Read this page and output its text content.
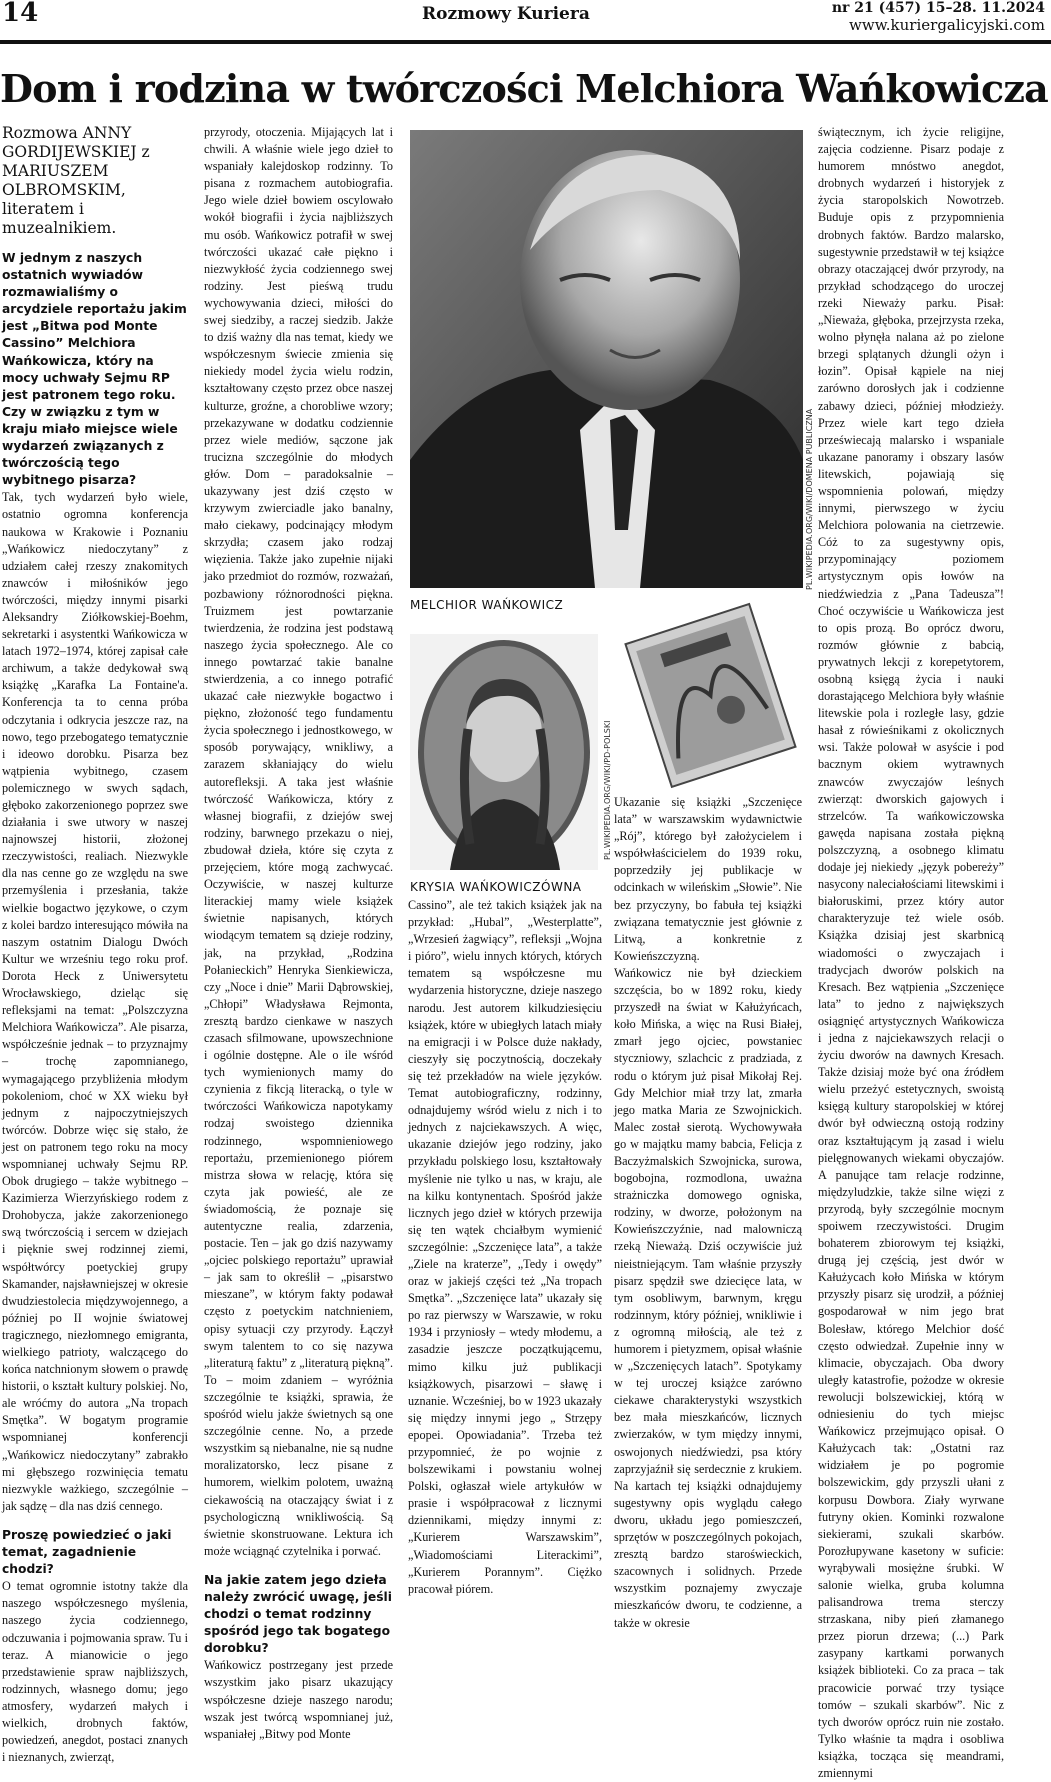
14	Rozmowy Kuriera	nr 21 (457) 15–28. 11.2024
www.kuriergalicyjski.com
Dom i rodzina w twórczości Melchiora Wańkowicza

Rozmowa ANNY GORDIJEWSKIEJ z MARIUSZEM OLBROMSKIM, literatem i muzealnikiem.

W jednym z naszych ostatnich wywiadów rozmawialiśmy o arcydziele reportażu jakim jest „Bitwa pod Monte Cassino” Melchiora Wańkowicza, który na mocy uchwały Sejmu RP jest patronem tego roku. Czy w związku z tym w kraju miało miejsce wiele wydarzeń związanych z twórczością tego wybitnego pisarza?

Tak, tych wydarzeń było wiele, ostatnio ogromna konferencja naukowa w Krakowie i Poznaniu „Wańkowicz niedoczytany” z udziałem całej rzeszy znakomitych znawców i miłośników jego twórczości, między innymi pisarki Aleksandry Ziółkowskiej-Boehm, sekretarki i asystentki Wańkowicza w latach 1972–1974, której zapisał całe archiwum, a także dedykował swą książkę „Karafka La Fontaine'a. Konferencja ta to cenna próba odczytania i odkrycia jeszcze raz, na nowo, tego przebogatego tematycznie i ideowo dorobku. Pisarza bez wątpienia wybitnego, czasem polemicznego w swych sądach, głęboko zakorzenionego poprzez swe działania i swe utwory w naszej najnowszej historii, złożonej rzeczywistości, realiach. Niezwykle dla nas cenne go ze względu na swe przemyślenia i przesłania, także wielkie bogactwo językowe, o czym z kolei bardzo interesująco mówiła na naszym ostatnim Dialogu Dwóch Kultur we wrześniu tego roku prof. Dorota Heck z Uniwersytetu Wrocławskiego, dzieląc się refleksjami na temat: „Polszczyzna Melchiora Wańkowicza”. Ale pisarza, współcześnie jednak – to przyznajmy – trochę zapomnianego, wymagającego przybliżenia młodym pokoleniom, choć w XX wieku był jednym z najpoczytniejszych twórców. Dobrze więc się stało, że jest on patronem tego roku na mocy wspomnianej uchwały Sejmu RP. Obok drugiego – także wybitnego – Kazimierza Wierzyńskiego rodem z Drohobycza, jakże zakorzenionego swą twórczością i sercem w dziejach i pięknie swej rodzinnej ziemi, współtwórcy poetyckiej grupy Skamander, najsławniejszej w okresie dwudziestolecia międzywojennego, a później po II wojnie światowej tragicznego, niezłomnego emigranta, wielkiego patrioty, walczącego do końca natchnionym słowem o prawdę historii, o kształt kultury polskiej. No, ale wróćmy do autora „Na tropach Smętka”. W bogatym programie wspomnianej konferencji „Wańkowicz niedoczytany” zabrakło mi głębszego rozwinięcia tematu niezwykle ważkiego, szczególnie – jak sądzę – dla nas dziś cennego.

Proszę powiedzieć o jaki temat, zagadnienie chodzi?

O temat ogromnie istotny także dla naszego współczesnego myślenia, naszego życia codziennego, odczuwania i pojmowania spraw. Tu i teraz. A mianowicie o jego przedstawienie spraw najbliższych, rodzinnych, własnego domu; jego atmosfery, wydarzeń małych i wielkich, drobnych faktów, powiedzeń, anegdot, postaci znanych i nieznanych, zwierząt,

przyrody, otoczenia. Mijających lat i chwili. A właśnie wiele jego dzieł to wspaniały kalejdoskop rodzinny. To pisana z rozmachem autobiografia. Jego wiele dzieł bowiem oscylowało wokół biografii i życia najbliższych mu osób. Wańkowicz potrafił w swej twórczości ukazać całe piękno i niezwykłość życia codziennego swej rodziny. Jest pieśwą trudu wychowywania dzieci, miłości do swej siedziby, a raczej siedzib. Jakże to dziś ważny dla nas temat, kiedy we współczesnym świecie zmienia się niekiedy model życia wielu rodzin, kształtowany często przez obce naszej kulturze, groźne, a chorobliwe wzory; przekazywane w dodatku codziennie przez wiele mediów, sączone jak trucizna szczególnie do młodych głów. Dom – paradoksalnie – ukazywany jest dziś często w krzywym zwierciadle jako banalny, mało ciekawy, podcinający młodym skrzydła; czasem jako rodzaj więzienia. Także jako zupełnie nijaki jako przedmiot do rozmów, rozważań, pozbawiony różnorodności piękna. Truizmem jest powtarzanie twierdzenia, że rodzina jest podstawą naszego życia społecznego. Ale co innego powtarzać takie banalne stwierdzenia, a co innego potrafić ukazać całe niezwykłe bogactwo i piękno, złożoność tego fundamentu życia społecznego i jednostkowego, w sposób porywający, wnikliwy, a zarazem skłaniający do wielu autorefleksji. A taka jest właśnie twórczość Wańkowicza, który z własnej biografii, z dziejów swej rodziny, barwnego przekazu o niej, zbudował dzieła, które się czyta z przejęciem, które mogą zachwycać. Oczywiście, w naszej kulturze literackiej mamy wiele książek świetnie napisanych, których wiodącym tematem są dzieje rodziny, jak, na przykład, „Rodzina Połanieckich” Henryka Sienkiewicza, czy „Noce i dnie” Marii Dąbrowskiej, „Chłopi” Władysława Rejmonta, zresztą bardzo cienkawe w naszych czasach sfilmowane, upowszechnione i ogólnie dostępne. Ale o ile wśród tych wymienionych mamy do czynienia z fikcją literacką, o tyle w twórczości Wańkowicza napotykamy rodzaj swoistego dziennika rodzinnego, wspomnieniowego reportażu, przemienionego piórem mistrza słowa w relację, która się czyta jak powieść, ale ze świadomością, że poznaje się autentyczne realia, zdarzenia, postacie. Ten – jak go dziś nazywamy „ojciec polskiego reportażu” uprawiał – jak sam to określił – „pisarstwo mieszane”, w którym fakty podawał często z poetyckim natchnieniem, opisy sytuacji czy przyrody. Łączył swym talentem to co się nazywa „literaturą faktu” z „literaturą piękną”. To – moim zdaniem – wyróżnia szczególnie te książki, sprawia, że spośród wielu jakże świetnych są one szczególnie cenne. No, a przede wszystkim są niebanalne, nie są nudne moralizatorsko, lecz pisane z humorem, wielkim polotem, uważną ciekawością na otaczający świat i z psychologiczną wnikliwością. Są świetnie skonstruowane. Lektura ich może wciągnąć czytelnika i porwać.

Na jakie zatem jego dzieła należy zwrócić uwagę, jeśli chodzi o temat rodzinny spośród jego tak bogatego dorobku?

Wańkowicz postrzegany jest przede wszystkim jako pisarz ukazujący współczesne dzieje naszego narodu; wszak jest twórcą wspomnianej już, wspaniałej „Bitwy pod Monte

MELCHIOR WAŃKOWICZ
PL.WIKIPEDIA.ORG/WIKI/DOMENA PUBLICZNA
KRYSIA WAŃKOWICZÓWNA
PL.WIKIPEDIA.ORG/WIKI/PD-POLSKI

Cassino”, ale też takich książek jak na przykład: „Hubal”, „Westerplatte”, „Wrzesień żagwiący”, refleksji „Wojna i pióro”, wielu innych których, których tematem są współczesne mu wydarzenia historyczne, dzieje naszego narodu. Jest autorem kilkudziesięciu książek, które w ubiegłych latach miały na emigracji i w Polsce duże nakłady, cieszyły się poczytnością, doczekały się też przekładów na wiele języków. Temat autobiograficzny, rodzinny, odnajdujemy wśród wielu z nich i to jednych z najciekawszych. A więc, ukazanie dziejów jego rodziny, jako przykładu polskiego losu, kształtowały myślenie nie tylko u nas, w kraju, ale na kilku kontynentach. Spośród jakże licznych jego dzieł w których przewija się ten wątek chciałbym wymienić szczególnie: „Szczenięce lata”, a także „Ziele na kraterze”, „Tedy i owędy” oraz w jakiejś części też „Na tropach Smętka”. „Szczenięce lata” ukazały się po raz pierwszy w Warszawie, w roku 1934 i przyniosły – wtedy młodemu, a zasadzie jeszcze początkującemu, mimo kilku już publikacji książkowych, pisarzowi – sławę i uznanie. Wcześniej, bo w 1923 ukazały się między innymi jego „ Strzępy epopei. Opowiadania”. Trzeba też przypomnieć, że po wojnie z bolszewikami i powstaniu wolnej Polski, ogłaszał wiele artykułów w prasie i współpracował z licznymi dziennikami, między innymi z: „Kurierem Warszawskim”, „Wiadomościami Literackimi”, „Kurierem Porannym”. Ciężko pracował piórem.

Ukazanie się książki „Szczenięce lata” w warszawskim wydawnictwie „Rój”, którego był założycielem i współwłaścicielem do 1939 roku, poprzedziły jej publikacje w odcinkach w wileńskim „Słowie”. Nie bez przyczyny, bo fabuła tej książki związana tematycznie jest głównie z Litwą, a konkretnie z Kowieńszczyzną.

Wańkowicz nie był dzieckiem szczęścia, bo w 1892 roku, kiedy przyszedł na świat w Kałużyńcach, koło Mińska, a więc na Rusi Białej, zmarł jego ojciec, powstaniec styczniowy, szlachcic z pradziada, z rodu o którym już pisał Mikołaj Rej. Gdy Melchior miał trzy lat, zmarła jego matka Maria ze Szwojnickich. Malec został sierotą. Wychowywała go w majątku mamy babcia, Felicja z Baczyżmalskich Szwojnicka, surowa, bogobojna, rozmodlona, uważna strażniczka domowego ogniska, rodziny, w dworze, położonym na Kowieńszczyźnie, nad malowniczą rzeką Nieważą. Dziś oczywiście już nieistniejącym. Tam właśnie przyszły pisarz spędził swe dziecięce lata, w tym osobliwym, barwnym, kręgu rodzinnym, który później, wnikliwie i z ogromną miłością, ale też z humorem i pietyzmem, opisał właśnie w „Szczenięcych latach”. Spotykamy w tej uroczej książce zarówno ciekawe charakterystyki wszystkich bez mała mieszkańców, licznych zwierzaków, w tym między innymi, oswojonych niedźwiedzi, psa który zaprzyjaźnił się serdecznie z krukiem. Na kartach tej książki odnajdujemy sugestywny opis wyglądu całego dworu, układu jego pomieszczeń, sprzętów w poszczególnych pokojach, zresztą bardzo staroświeckich, szacownych i solidnych. Przede wszystkim poznajemy zwyczaje mieszkańców dworu, te codzienne, a także w okresie

świątecznym, ich życie religijne, zajęcia codzienne. Pisarz podaje z humorem mnóstwo anegdot, drobnych wydarzeń i historyjek z życia staropolskich Nowotrzeb. Buduje opis z przypomnienia drobnych faktów. Bardzo malarsko, sugestywnie przedstawił w tej książce obrazy otaczającej dwór przyrody, na przykład schodzącego do uroczej rzeki Nieważy parku. Pisał: „Nieważa, głęboka, przejrzysta rzeka, wolno płynęła nalana aż po zielone brzegi splątanych dżungli ożyn i łozin”. Opisał kąpiele na niej zarówno dorosłych jak i codzienne zabawy dzieci, później młodzieży. Przez wiele kart tego dzieła przeświecają malarsko i wspaniale ukazane panoramy i obszary lasów litewskich, pojawiają się wspomnienia polowań, między innymi, pierwszego w życiu Melchiora polowania na cietrzewie. Cóż to za sugestywny opis, przypominający poziomem artystycznym opis łowów na niedźwiedzia z „Pana Tadeusza”! Choć oczywiście u Wańkowicza jest to opis prozą. Bo oprócz dworu, rozmów głównie z babcią, prywatnych lekcji z korepetytorem, osobną księgą życia i nauki dorastającego Melchiora były właśnie litewskie pola i rozległe lasy, gdzie hasał z rówieśnikami z okolicznych wsi. Także polował w asyście i pod bacznym okiem wytrawnych znawców zwyczajów leśnych zwierząt: dworskich gajowych i strzelców. Ta wańkowiczowska gawęda napisana została piękną polszczyzną, a osobnego klimatu dodaje jej niekiedy „język pobereży” nasycony naleciałościami litewskimi i białoruskimi, przez który autor charakteryzuje też wiele osób. Książka dzisiaj jest skarbnicą wiadomości o zwyczajach i tradycjach dworów polskich na Kresach. Bez wątpienia „Szczenięce lata” to jedno z największych osiągnięć artystycznych Wańkowicza i jedna z najciekawszych relacji o życiu dworów na dawnych Kresach. Także dzisiaj może być ona źródłem wielu przeżyć estetycznych, swoistą księgą kultury staropolskiej w której dwór był odwieczną ostoją rodziny oraz kształtującym ją zasad i wielu pielęgnowanych wiekami obyczajów. A panujące tam relacje rodzinne, międzyludzkie, także silne więzi z przyrodą, były szczególnie mocnym spoiwem rzeczywistości. Drugim bohaterem zbiorowym tej książki, drugą jej częścią, jest dwór w Kałużycach koło Mińska w którym przyszły pisarz się urodził, a później gospodarował w nim jego brat Bolesław, którego Melchior dość często odwiedzał. Zupełnie inny w klimacie, obyczajach. Oba dwory uległy katastrofie, pożodze w okresie rewolucji bolszewickiej, którą w odniesieniu do tych miejsc Wańkowicz przejmująco opisał. O Kałużycach tak: „Ostatni raz widziałem je po pogromie bolszewickim, gdy przyszli ułani z korpusu Dowbora. Ziały wyrwane futryny okien. Kominki rozwalone siekierami, szukali skarbów. Porozłupywane kasetony w suficie: wyrąbywali mosiężne śrubki. W salonie wielka, gruba kolumna palisandrowa trema sterczy strzaskana, niby pień złamanego przez piorun drzewa; (...) Park zasypany kartkami porwanych książek biblioteki. Co za praca – tak pracowicie porwać trzy tysiące tomów – szukali skarbów”. Nic z tych dworów oprócz ruin nie zostało. Tylko właśnie ta mądra i osobliwa książka, tocząca się meandrami, zmiennymi
